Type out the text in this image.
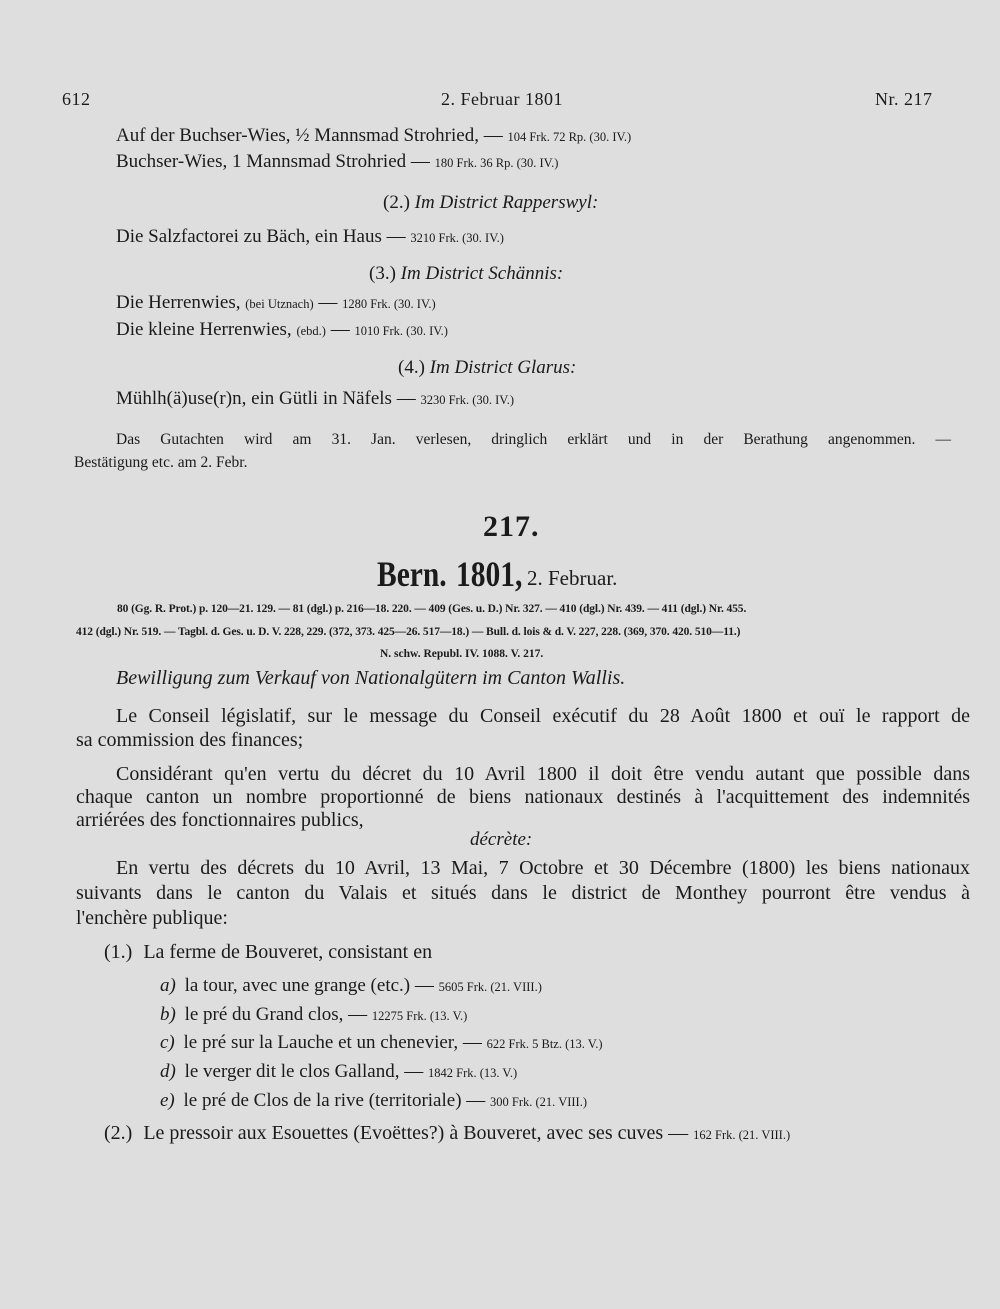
612	2. Februar 1801	Nr. 217
Auf der Buchser-Wies, ½ Mannsmad Strohried, — 104 Frk. 72 Rp. (30. IV.)
Buchser-Wies, 1 Mannsmad Strohried — 180 Frk. 36 Rp. (30. IV.)
(2.) Im District Rapperswyl:
Die Salzfactorei zu Bäch, ein Haus — 3210 Frk. (30. IV.)
(3.) Im District Schännis:
Die Herrenwies, (bei Utznach) — 1280 Frk. (30. IV.)
Die kleine Herrenwies, (ebd.) — 1010 Frk. (30. IV.)
(4.) Im District Glarus:
Mühlh(ä)use(r)n, ein Gütli in Näfels — 3230 Frk. (30. IV.)
Das Gutachten wird am 31. Jan. verlesen, dringlich erklärt und in der Berathung angenommen. —
Bestätigung etc. am 2. Febr.
217.
Bern. 1801, 2. Februar.
80 (Gg. R. Prot.) p. 120—21. 129. — 81 (dgl.) p. 216—18. 220. — 409 (Ges. u. D.) Nr. 327. — 410 (dgl.) Nr. 439. — 411 (dgl.) Nr. 455.
412 (dgl.) Nr. 519. — Tagbl. d. Ges. u. D. V. 228, 229. (372, 373. 425—26. 517—18.) — Bull. d. lois & d. V. 227, 228. (369, 370. 420. 510—11.)
N. schw. Republ. IV. 1088. V. 217.
Bewilligung zum Verkauf von Nationalgütern im Canton Wallis.
Le Conseil législatif, sur le message du Conseil exécutif du 28 Août 1800 et ouï le rapport de
sa commission des finances;
Considérant qu'en vertu du décret du 10 Avril 1800 il doit être vendu autant que possible dans
chaque canton un nombre proportionné de biens nationaux destinés à l'acquittement des indemnités
arriérées des fonctionnaires publics,
décrète:
En vertu des décrets du 10 Avril, 13 Mai, 7 Octobre et 30 Décembre (1800) les biens nationaux
suivants dans le canton du Valais et situés dans le district de Monthey pourront être vendus à
l'enchère publique:
(1.) La ferme de Bouveret, consistant en
a) la tour, avec une grange (etc.) — 5605 Frk. (21. VIII.)
b) le pré du Grand clos, — 12275 Frk. (13. V.)
c) le pré sur la Lauche et un chenevier, — 622 Frk. 5 Btz. (13. V.)
d) le verger dit le clos Galland, — 1842 Frk. (13. V.)
e) le pré de Clos de la rive (territoriale) — 300 Frk. (21. VIII.)
(2.) Le pressoir aux Esouettes (Evoëttes?) à Bouveret, avec ses cuves — 162 Frk. (21. VIII.)
